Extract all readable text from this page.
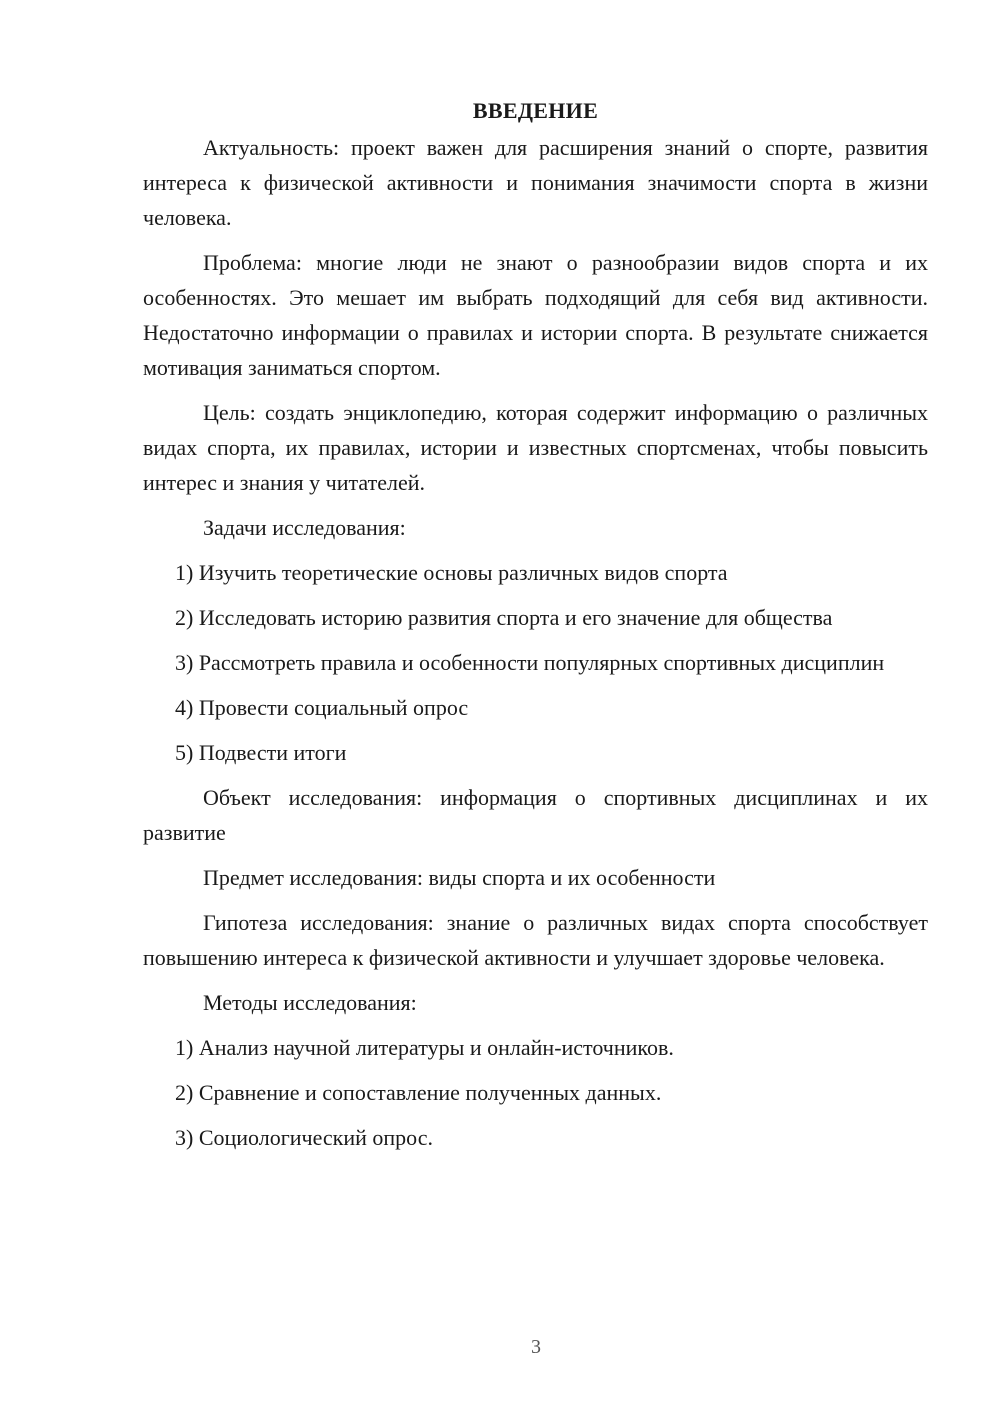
ВВЕДЕНИЕ

Актуальность: проект важен для расширения знаний о спорте, развития интереса к физической активности и понимания значимости спорта в жизни человека.

Проблема: многие люди не знают о разнообразии видов спорта и их особенностях. Это мешает им выбрать подходящий для себя вид активности. Недостаточно информации о правилах и истории спорта. В результате снижается мотивация заниматься спортом.

Цель: создать энциклопедию, которая содержит информацию о различных видах спорта, их правилах, истории и известных спортсменах, чтобы повысить интерес и знания у читателей.

Задачи исследования:

1) Изучить теоретические основы различных видов спорта

2) Исследовать историю развития спорта и его значение для общества

3) Рассмотреть правила и особенности популярных спортивных дисциплин

4) Провести социальный опрос

5) Подвести итоги

Объект исследования: информация о спортивных дисциплинах и их развитие

Предмет исследования: виды спорта и их особенности

Гипотеза исследования: знание о различных видах спорта способствует повышению интереса к физической активности и улучшает здоровье человека.

Методы исследования:

1) Анализ научной литературы и онлайн-источников.

2) Сравнение и сопоставление полученных данных.

3) Социологический опрос.

3
